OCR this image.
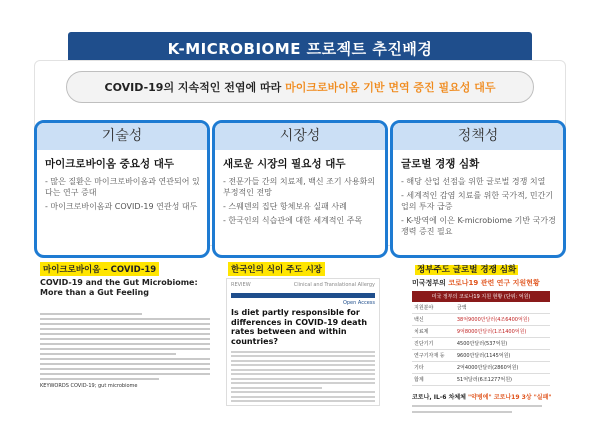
K-MICROBIOME 프로젝트 추진배경
COVID-19의 지속적인 전염에 따라
마이크로바이옴 기반 면역 증진 필요성 대두
기술성
마이크로바이옴 중요성 대두
- 많은 질환은 마이크로바이옴과 연관되어 있다는 연구 증대
- 마이크로바이옴과 COVID-19 연관성 대두
시장성
새로운 시장의 필요성 대두
- 전문가들 간의 치료제, 백신 조기 사용화의 부정적인 전망
- 스웨덴의 집단 항체보유 실패 사례
- 한국인의 식습관에 대한 세계적인 주목
정책성
글로벌 경쟁 심화
- 해당 산업 선점을 위한 글로벌 경쟁 치열
- 세계적인 감염 치료를 위한 국가적, 민간기업의 투자 급증
- K-방역에 이은 K-microbiome 기반 국가경쟁력 증진 필요
마이크로바이옴 – COVID-19	한국인의 식이 주도 시장	정부주도 글로벌 경쟁 심화
COVID-19 and the Gut Microbiome: More than a Gut Feeling

KEYWORDS COVID-19; gut microbiome
REVIEW	Clinical and Translational Allergy
Open Access
Is diet partly responsible for differences in COVID-19 death rates between and within countries?
미국정부의 코로나19 관련 연구 지원현황
미국 정부의 코로나19 지원 현황 (단위: 억원)	
지원분야	금액
백신	38억9000만달러(4조6400억원)
치료제	9억8000만달러(1조1400억원)
진단기기	4500만달러(537억원)
연구기자재 등	9600만달러(1145억원)
기타	2억4000만달러(2860억원)
합계	51억달러(6조1277억원)
코로나, IL-6 차체체 "약병에" 코로나19 3상 "실패"
